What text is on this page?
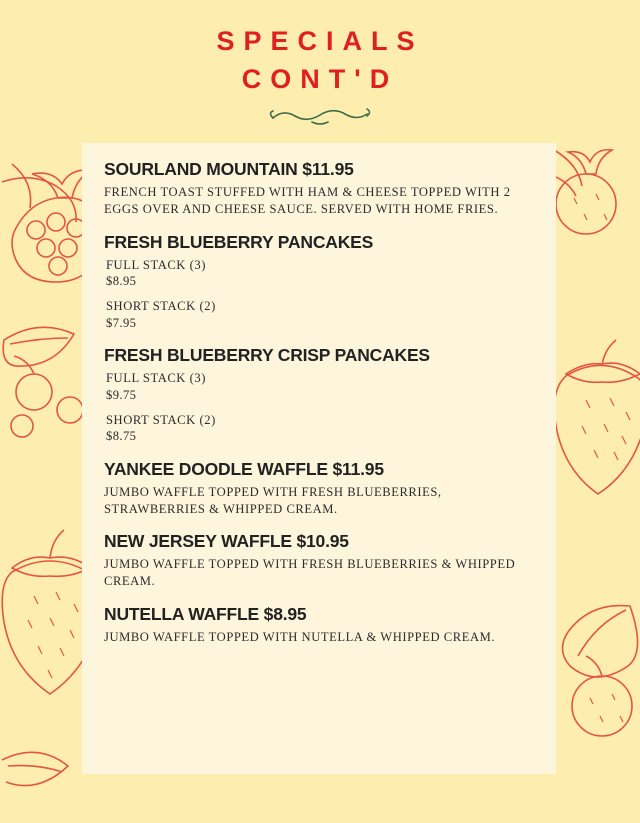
SPECIALS
CONT'D

SOURLAND MOUNTAIN $11.95

FRENCH TOAST STUFFED WITH HAM & CHEESE TOPPED WITH 2 EGGS OVER AND CHEESE SAUCE. SERVED WITH HOME FRIES.

FRESH BLUEBERRY PANCAKES

FULL STACK (3)

$8.95

SHORT STACK (2)

$7.95

FRESH BLUEBERRY CRISP PANCAKES

FULL STACK (3)

$9.75

SHORT STACK (2)

$8.75

YANKEE DOODLE WAFFLE $11.95

JUMBO WAFFLE TOPPED WITH FRESH BLUEBERRIES, STRAWBERRIES & WHIPPED CREAM.

NEW JERSEY WAFFLE $10.95

JUMBO WAFFLE TOPPED WITH FRESH BLUEBERRIES & WHIPPED CREAM.

NUTELLA WAFFLE $8.95

JUMBO WAFFLE TOPPED WITH NUTELLA & WHIPPED CREAM.
